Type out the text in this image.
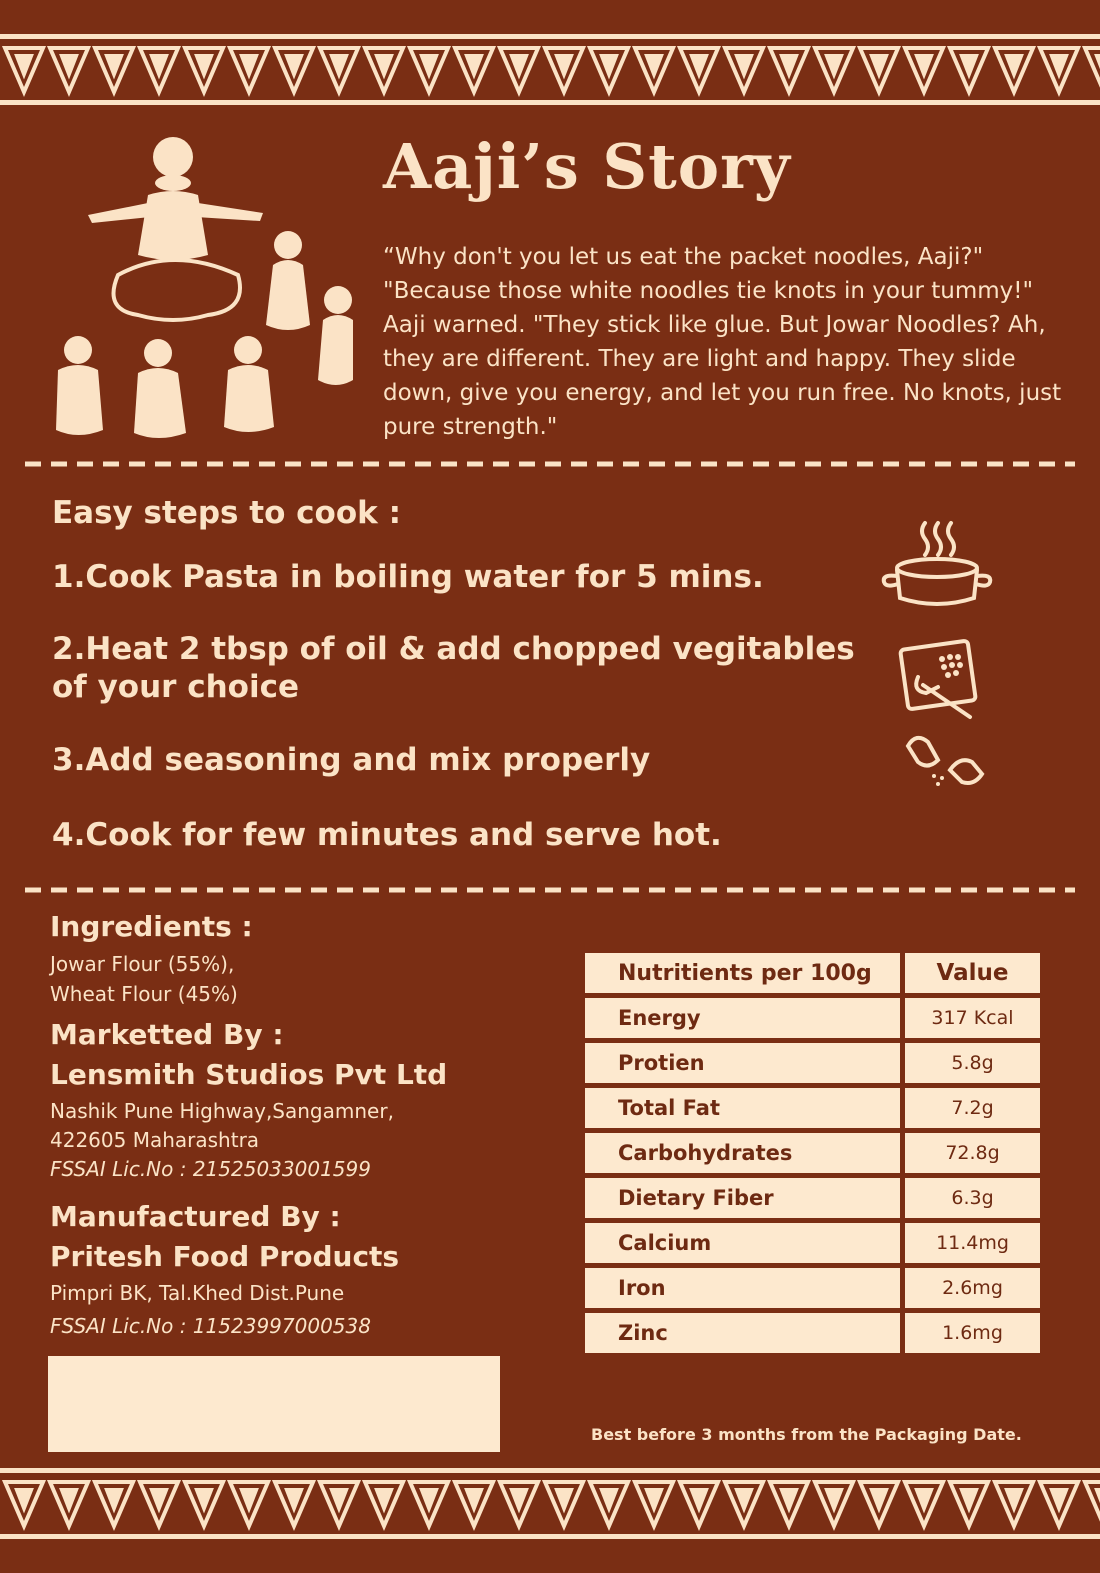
Aaji’s Story
“Why don't you let us eat the packet noodles, Aaji?" "Because those white noodles tie knots in your tummy!" Aaji warned. "They stick like glue. But Jowar Noodles? Ah, they are different. They are light and happy. They slide down, give you energy, and let you run free. No knots, just pure strength."
Easy steps to cook :
1.Cook Pasta in boiling water for 5 mins.
2.Heat 2 tbsp of oil & add chopped vegitables of your choice
3.Add seasoning and mix properly
4.Cook for few minutes and serve hot.
Ingredients :
Jowar Flour (55%),
Wheat Flour (45%)
Marketted By :
Lensmith Studios Pvt Ltd
Nashik Pune Highway,Sangamner,
422605 Maharashtra
FSSAI Lic.No : 21525033001599
Manufactured By :
Pritesh Food Products
Pimpri BK, Tal.Khed Dist.Pune
FSSAI Lic.No : 11523997000538
Nutritients per 100g	Value
Energy	317 Kcal
Protien	5.8g
Total Fat	7.2g
Carbohydrates	72.8g
Dietary Fiber	6.3g
Calcium	11.4mg
Iron	2.6mg
Zinc	1.6mg
Best before 3 months from the Packaging Date.
